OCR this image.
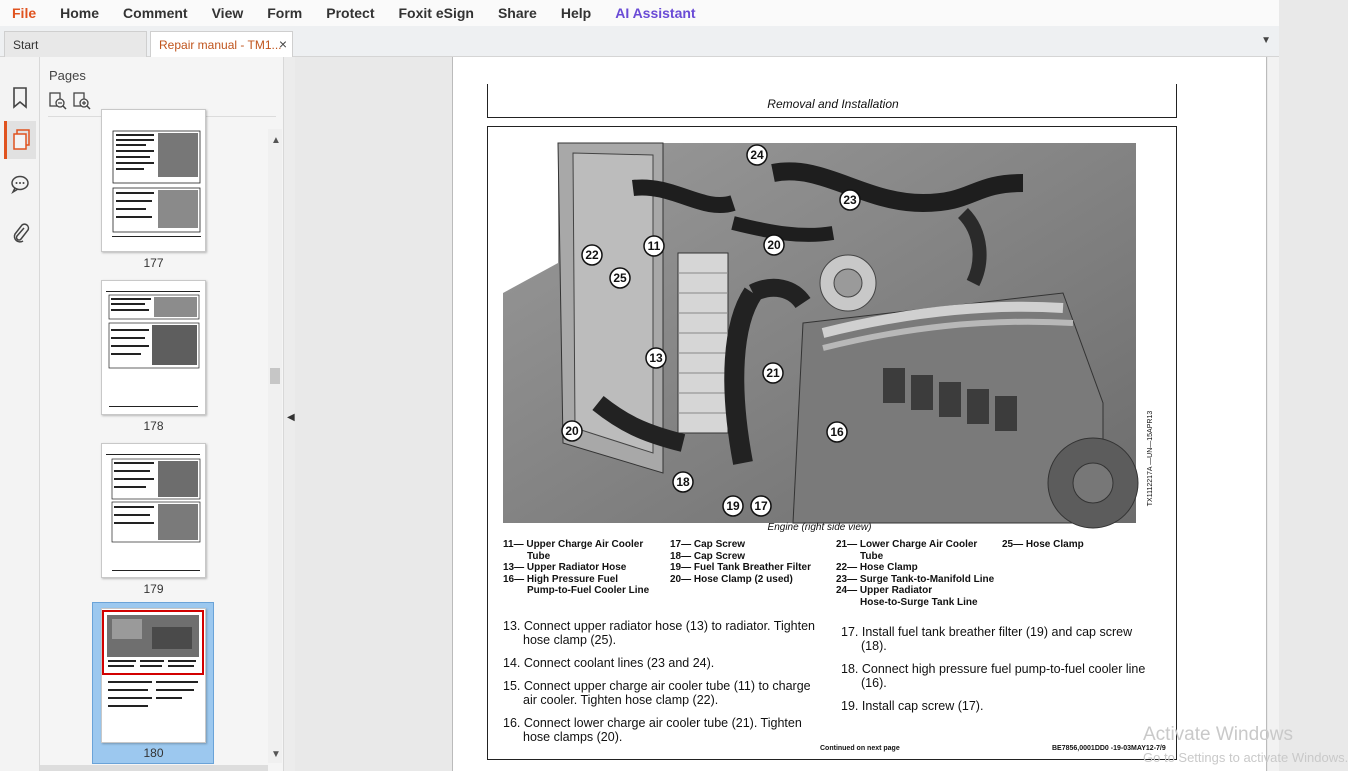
File Home Comment View Form Protect Foxit eSign Share Help AI Assistant
Start	Repair manual - TM1...
×	▼
Pages
177
178
179
180
▲
▼
◀
Removal and Installation
24
23
11
22
20
25
13
21
16
20
18
19 17
Engine (right side view)
TX1112217A —UN—15APR13
11— Upper Charge Air Cooler
Tube
13— Upper Radiator Hose
16— High Pressure Fuel
Pump-to-Fuel Cooler Line
17— Cap Screw
18— Cap Screw
19— Fuel Tank Breather Filter
20— Hose Clamp (2 used)
21— Lower Charge Air Cooler
Tube
22— Hose Clamp
23— Surge Tank-to-Manifold Line
24— Upper Radiator
Hose-to-Surge Tank Line
25— Hose Clamp
13. Connect upper radiator hose (13) to radiator. Tighten hose clamp (25).
14. Connect coolant lines (23 and 24).
15. Connect upper charge air cooler tube (11) to charge air cooler. Tighten hose clamp (22).
16. Connect lower charge air cooler tube (21). Tighten hose clamps (20).
17. Install fuel tank breather filter (19) and cap screw (18).
18. Connect high pressure fuel pump-to-fuel cooler line (16).
19. Install cap screw (17).
Continued on next page	BE7856,0001DD0 -19-03MAY12-7/9
Activate Windows
Go to Settings to activate Windows.
